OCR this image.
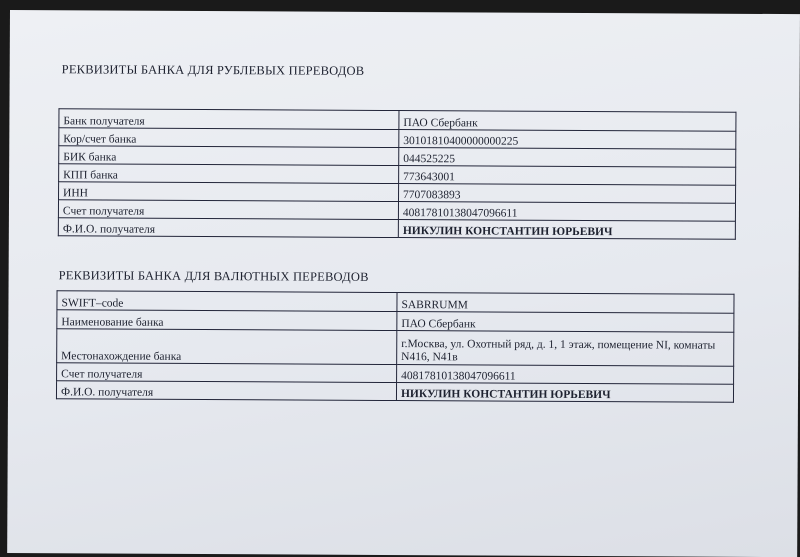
РЕКВИЗИТЫ БАНКА ДЛЯ РУБЛЕВЫХ ПЕРЕВОДОВ
Банк получателя	ПАО Сбербанк
Кор/счет банка	30101810400000000225
БИК банка	044525225
КПП банка	773643001
ИНН	7707083893
Счет получателя	40817810138047096611
Ф.И.О. получателя	НИКУЛИН КОНСТАНТИН ЮРЬЕВИЧ
РЕКВИЗИТЫ БАНКА ДЛЯ ВАЛЮТНЫХ ПЕРЕВОДОВ
SWIFT–code	SABRRUMM
Наименование банка	ПАО Сбербанк
Местонахождение банка	г.Москва, ул. Охотный ряд, д. 1, 1 этаж, помещение NI, комнаты N416, N41в
Счет получателя	40817810138047096611
Ф.И.О. получателя	НИКУЛИН КОНСТАНТИН ЮРЬЕВИЧ
